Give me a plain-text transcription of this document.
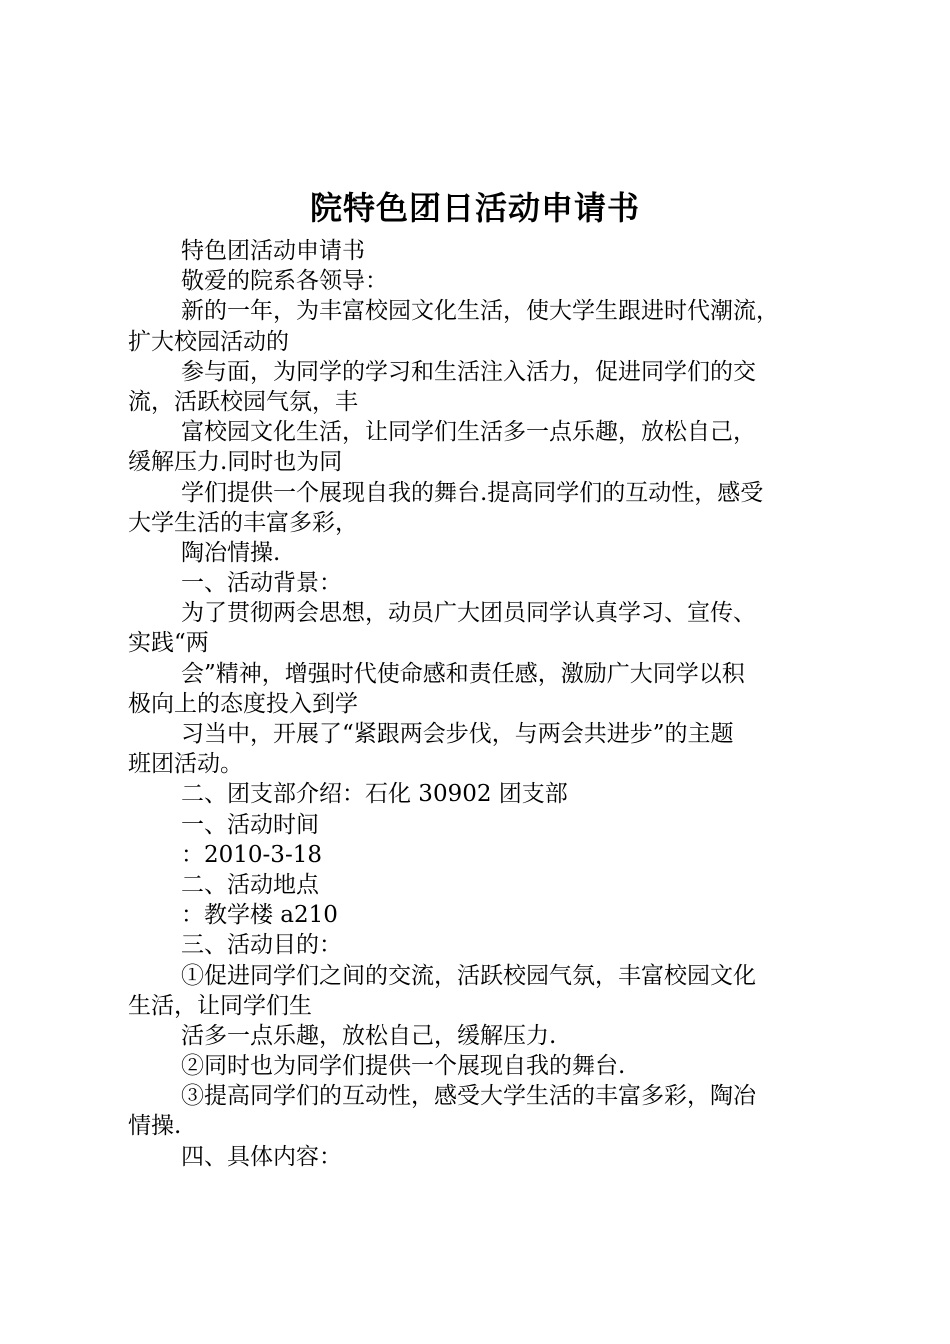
院特色团日活动申请书
特色团活动申请书
敬爱的院系各领导：
新的一年，为丰富校园文化生活，使大学生跟进时代潮流，
扩大校园活动的
参与面，为同学的学习和生活注入活力，促进同学们的交
流，活跃校园气氛，丰
富校园文化生活，让同学们生活多一点乐趣，放松自己，
缓解压力.同时也为同
学们提供一个展现自我的舞台.提高同学们的互动性，感受
大学生活的丰富多彩，
陶冶情操.
一、活动背景：
为了贯彻两会思想，动员广大团员同学认真学习、宣传、
实践“两
会”精神，增强时代使命感和责任感，激励广大同学以积
极向上的态度投入到学
习当中，开展了“紧跟两会步伐，与两会共进步”的主题
班团活动。
二、团支部介绍：石化 30902 团支部
一、活动时间
：2010-3-18
二、活动地点
：教学楼 a210
三、活动目的：
①促进同学们之间的交流，活跃校园气氛，丰富校园文化
生活，让同学们生
活多一点乐趣，放松自己，缓解压力.
②同时也为同学们提供一个展现自我的舞台.
③提高同学们的互动性，感受大学生活的丰富多彩，陶冶
情操.
四、具体内容：
